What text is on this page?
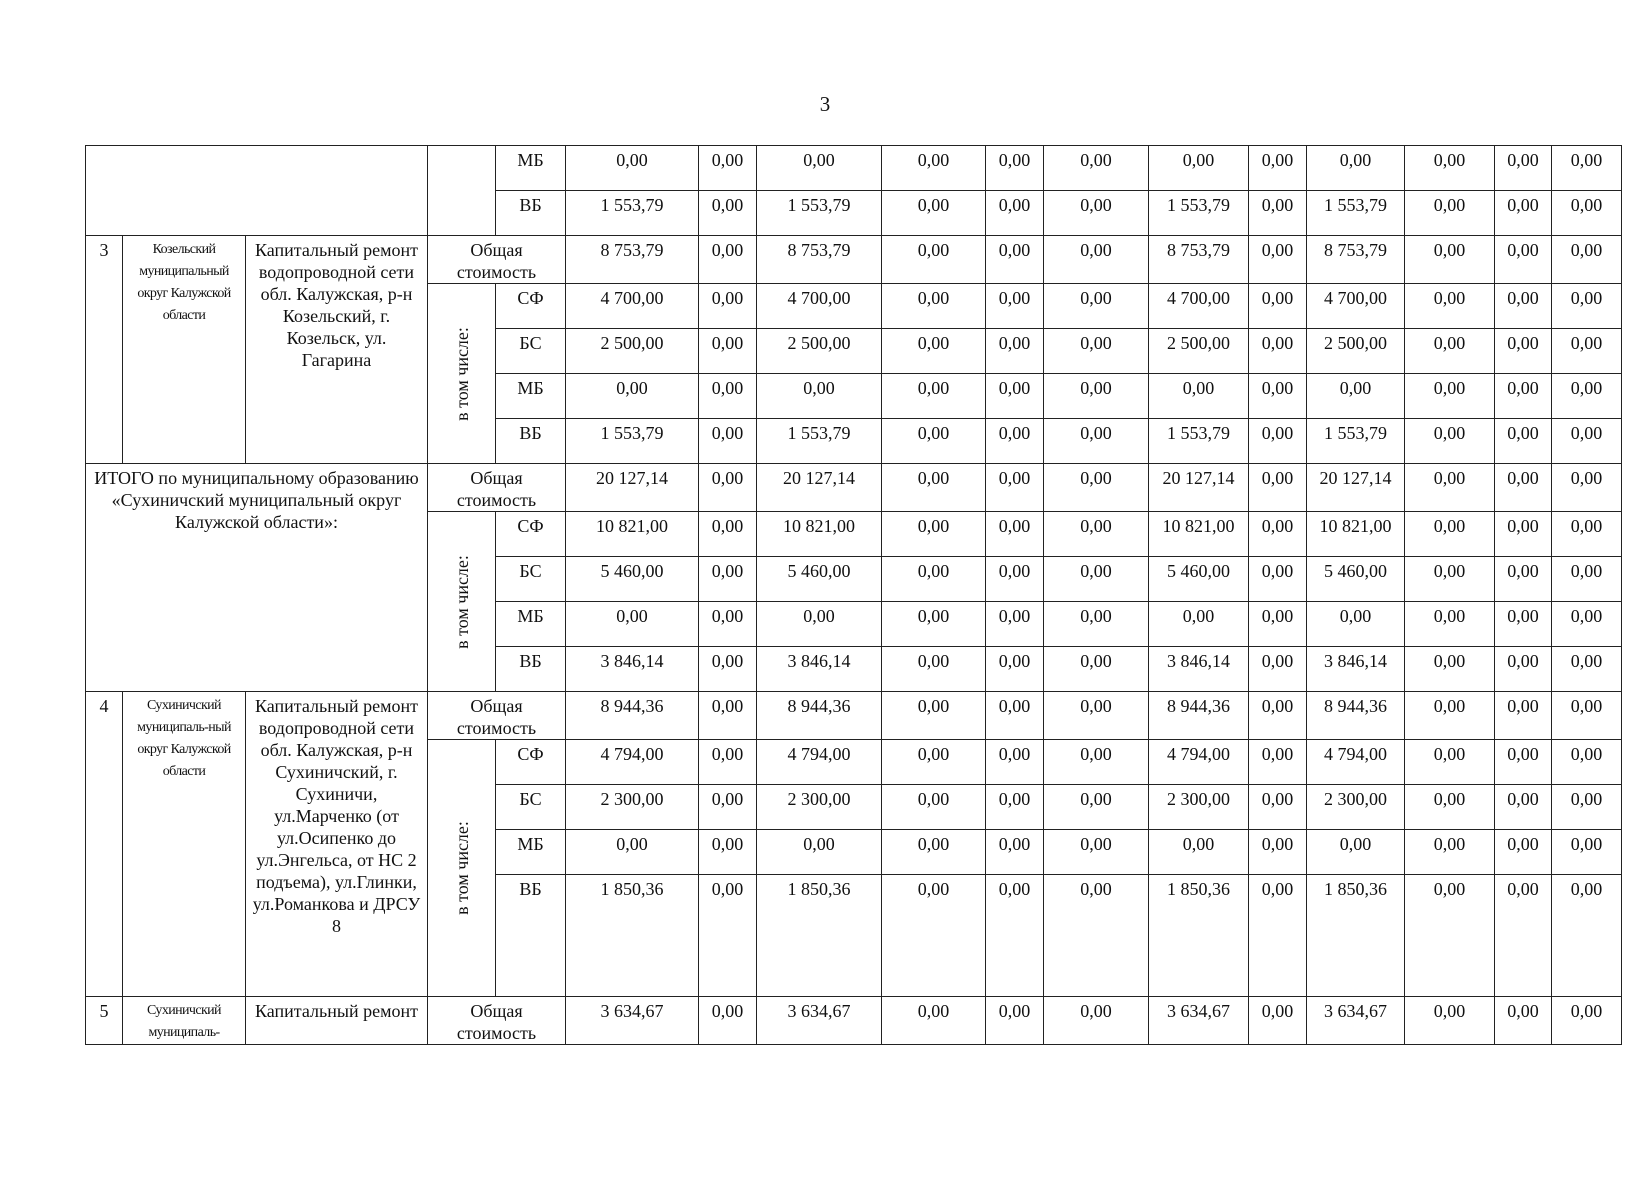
3
				МБ	0,00	0,00	0,00	0,00	0,00	0,00	0,00	0,00	0,00	0,00	0,00	0,00
				ВБ	1 553,79	0,00	1 553,79	0,00	0,00	0,00	1 553,79	0,00	1 553,79	0,00	0,00	0,00
3	Козельский муниципальный округ Калужской области	Капитальный ремонт водопроводной сети обл. Калужская, р-н Козельский, г. Козельск, ул. Гагарина	Общая стоимость		8 753,79	0,00	8 753,79	0,00	0,00	0,00	8 753,79	0,00	8 753,79	0,00	0,00	0,00

			в том числе:	СФ	4 700,00	0,00	4 700,00	0,00	0,00	0,00	4 700,00	0,00	4 700,00	0,00	0,00	0,00
				БС	2 500,00	0,00	2 500,00	0,00	0,00	0,00	2 500,00	0,00	2 500,00	0,00	0,00	0,00
				МБ	0,00	0,00	0,00	0,00	0,00	0,00	0,00	0,00	0,00	0,00	0,00	0,00
				ВБ	1 553,79	0,00	1 553,79	0,00	0,00	0,00	1 553,79	0,00	1 553,79	0,00	0,00	0,00
ИТОГО по муниципальному образованию «Сухиничский муниципальный округ Калужской области»:			Общая стоимость		20 127,14	0,00	20 127,14	0,00	0,00	0,00	20 127,14	0,00	20 127,14	0,00	0,00	0,00

			в том числе:	СФ	10 821,00	0,00	10 821,00	0,00	0,00	0,00	10 821,00	0,00	10 821,00	0,00	0,00	0,00
				БС	5 460,00	0,00	5 460,00	0,00	0,00	0,00	5 460,00	0,00	5 460,00	0,00	0,00	0,00
				МБ	0,00	0,00	0,00	0,00	0,00	0,00	0,00	0,00	0,00	0,00	0,00	0,00
				ВБ	3 846,14	0,00	3 846,14	0,00	0,00	0,00	3 846,14	0,00	3 846,14	0,00	0,00	0,00
4	Сухиничский муниципаль-ный округ Калужской области	Капитальный ремонт водопроводной сети обл. Калужская, р-н Сухиничский, г. Сухиничи, ул.Марченко (от ул.Осипенко до ул.Энгельса, от НС 2 подъема), ул.Глинки, ул.Романкова и ДРСУ 8	Общая стоимость		8 944,36	0,00	8 944,36	0,00	0,00	0,00	8 944,36	0,00	8 944,36	0,00	0,00	0,00

			в том числе:	СФ	4 794,00	0,00	4 794,00	0,00	0,00	0,00	4 794,00	0,00	4 794,00	0,00	0,00	0,00
				БС	2 300,00	0,00	2 300,00	0,00	0,00	0,00	2 300,00	0,00	2 300,00	0,00	0,00	0,00
				МБ	0,00	0,00	0,00	0,00	0,00	0,00	0,00	0,00	0,00	0,00	0,00	0,00
				ВБ	1 850,36	0,00	1 850,36	0,00	0,00	0,00	1 850,36	0,00	1 850,36	0,00	0,00	0,00
5	Сухиничский муниципаль-	Капитальный ремонт	Общая стоимость		3 634,67	0,00	3 634,67	0,00	0,00	0,00	3 634,67	0,00	3 634,67	0,00	0,00	0,00
